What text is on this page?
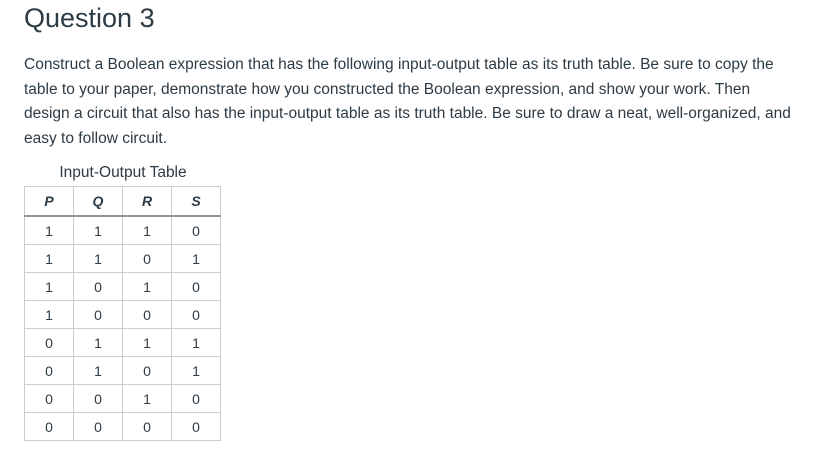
Question 3

Construct a Boolean expression that has the following input-output table as its truth table. Be sure to copy the table to your paper, demonstrate how you constructed the Boolean expression, and show your work. Then design a circuit that also has the input-output table as its truth table. Be sure to draw a neat, well-organized, and easy to follow circuit.

Input-Output Table
P	Q	R	S
1	1	1	0
1	1	0	1
1	0	1	0
1	0	0	0
0	1	1	1
0	1	0	1
0	0	1	0
0	0	0	0
